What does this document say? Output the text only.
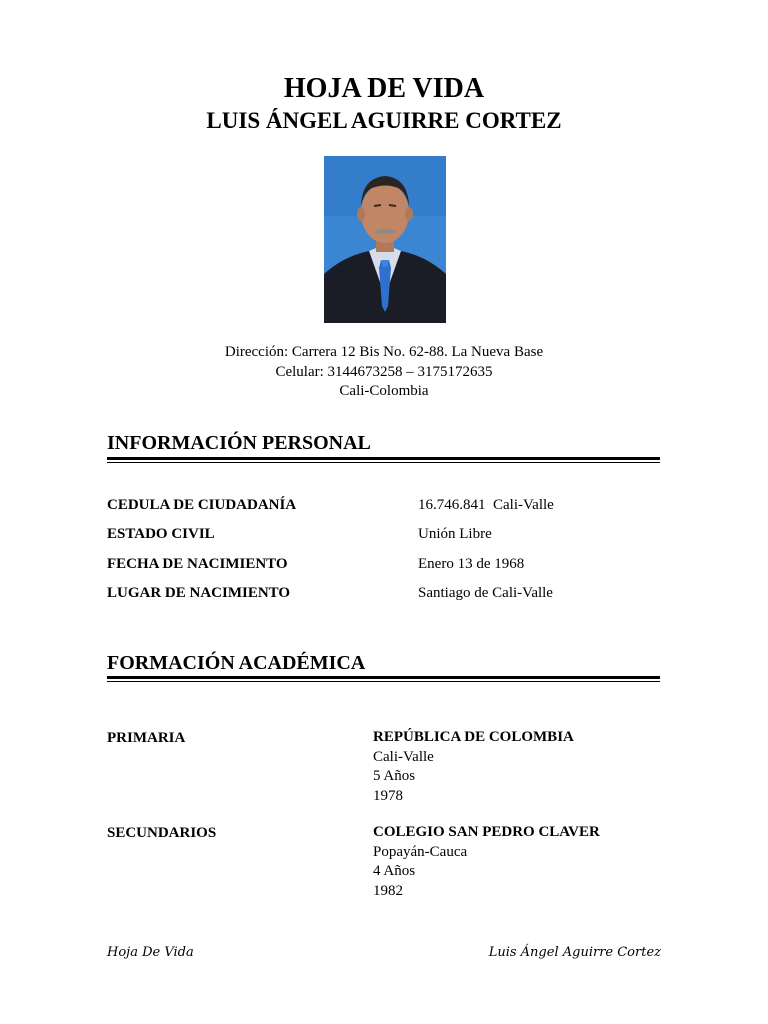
HOJA DE VIDA
LUIS ÁNGEL AGUIRRE CORTEZ
Dirección: Carrera 12 Bis No. 62-88. La Nueva Base
Celular: 3144673258 – 3175172635
Cali-Colombia
INFORMACIÓN PERSONAL
CEDULA DE CIUDADANÍA	16.746.841  Cali-Valle
ESTADO CIVIL	Unión Libre
FECHA DE NACIMIENTO	Enero 13 de 1968
LUGAR DE NACIMIENTO	Santiago de Cali-Valle
FORMACIÓN ACADÉMICA
PRIMARIA	REPÚBLICA DE COLOMBIA
Cali-Valle
5 Años
1978
SECUNDARIOS	COLEGIO SAN PEDRO CLAVER
Popayán-Cauca
4 Años
1982
Hoja De Vida	Luis Ángel Aguirre Cortez
